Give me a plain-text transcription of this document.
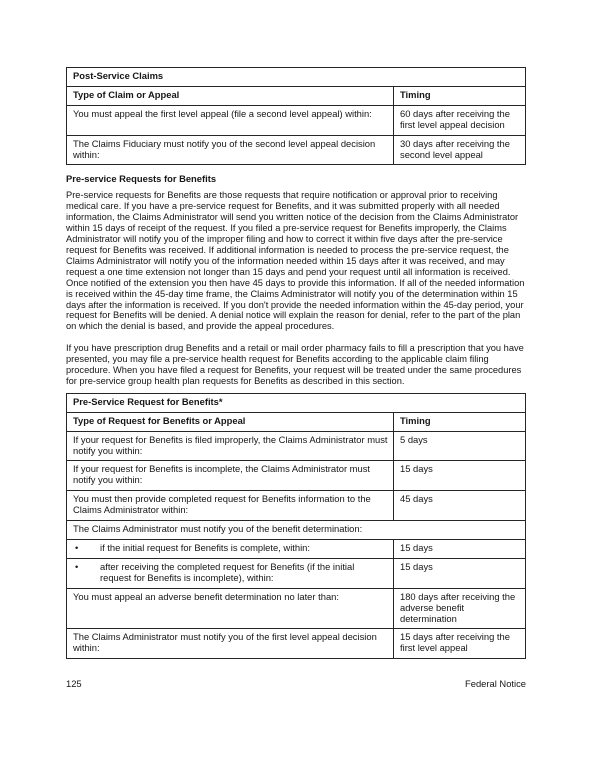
Post-Service Claims	
Type of Claim or Appeal	Timing
You must appeal the first level appeal (file a second level appeal) within:	60 days after receiving the first level appeal decision
The Claims Fiduciary must notify you of the second level appeal decision within:	30 days after receiving the second level appeal
Pre-service Requests for Benefits

Pre-service requests for Benefits are those requests that require notification or approval prior to receiving medical care. If you have a pre-service request for Benefits, and it was submitted properly with all needed information, the Claims Administrator will send you written notice of the decision from the Claims Administrator within 15 days of receipt of the request. If you filed a pre-service request for Benefits improperly, the Claims Administrator will notify you of the improper filing and how to correct it within five days after the pre-service request for Benefits was received. If additional information is needed to process the pre-service request, the Claims Administrator will notify you of the information needed within 15 days after it was received, and may request a one time extension not longer than 15 days and pend your request until all information is received. Once notified of the extension you then have 45 days to provide this information. If all of the needed information is received within the 45-day time frame, the Claims Administrator will notify you of the determination within 15 days after the information is received. If you don't provide the needed information within the 45-day period, your request for Benefits will be denied. A denial notice will explain the reason for denial, refer to the part of the plan on which the denial is based, and provide the appeal procedures.

If you have prescription drug Benefits and a retail or mail order pharmacy fails to fill a prescription that you have presented, you may file a pre-service health request for Benefits according to the applicable claim filing procedure. When you have filed a request for Benefits, your request will be treated under the same procedures for pre-service group health plan requests for Benefits as described in this section.

Pre-Service Request for Benefits*	
Type of Request for Benefits or Appeal	Timing
If your request for Benefits is filed improperly, the Claims Administrator must notify you within:	5 days
If your request for Benefits is incomplete, the Claims Administrator must notify you within:	15 days
You must then provide completed request for Benefits information to the Claims Administrator within:	45 days
The Claims Administrator must notify you of the benefit determination:	

• if the initial request for Benefits is complete, within:	15 days

• after receiving the completed request for Benefits (if the initial request for Benefits is incomplete), within:	15 days
You must appeal an adverse benefit determination no later than:	180 days after receiving the adverse benefit determination
The Claims Administrator must notify you of the first level appeal decision within:	15 days after receiving the first level appeal
125	Federal Notice
